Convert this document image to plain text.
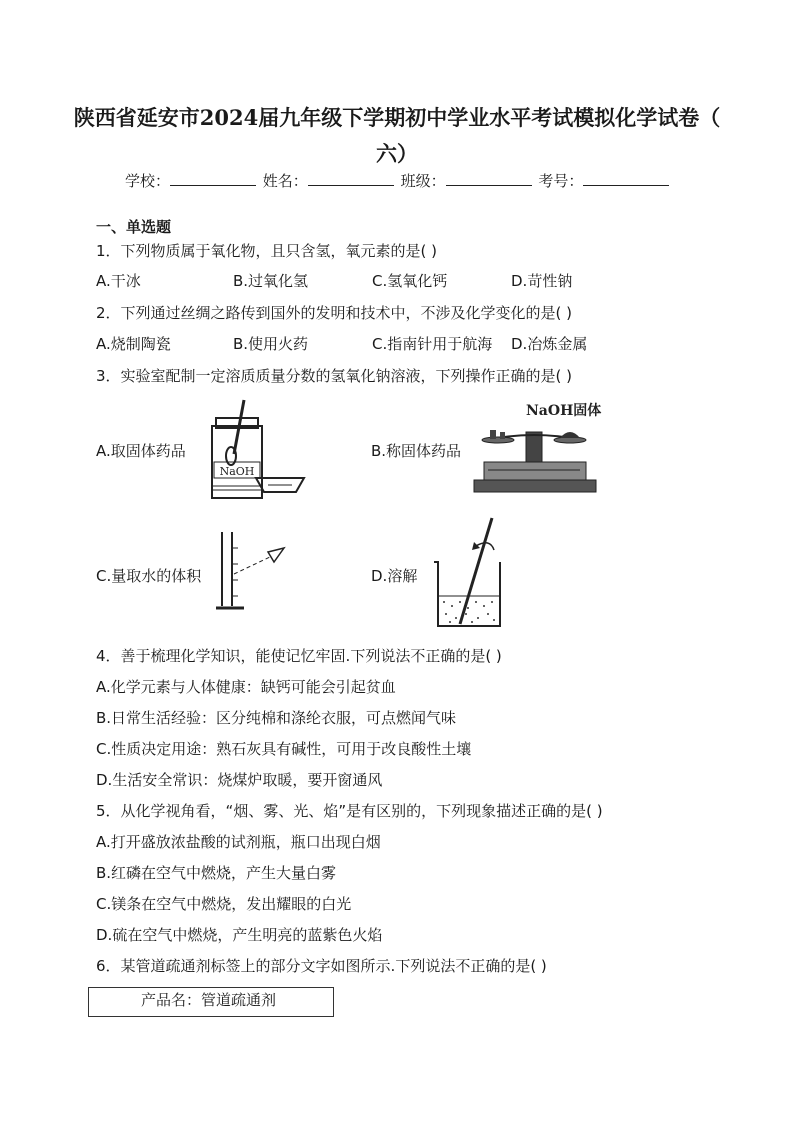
陕西省延安市2024届九年级下学期初中学业水平考试模拟化学试卷（
六）
学校：	姓名：	班级：	考号：
一、单选题
1．下列物质属于氧化物，且只含氢，氧元素的是( )
A.干冰	B.过氧化氢	C.氢氧化钙	D.苛性钠
2．下列通过丝绸之路传到国外的发明和技术中，不涉及化学变化的是( )
A.烧制陶瓷	B.使用火药	C.指南针用于航海 D.冶炼金属
3．实验室配制一定溶质质量分数的氢氧化钠溶液，下列操作正确的是( )
A.取固体药品
NaOH
B.称固体药品
NaOH固体
C.量取水的体积	D.溶解
4．善于梳理化学知识，能使记忆牢固.下列说法不正确的是( )
A.化学元素与人体健康：缺钙可能会引起贫血
B.日常生活经验：区分纯棉和涤纶衣服，可点燃闻气味
C.性质决定用途：熟石灰具有碱性，可用于改良酸性土壤
D.生活安全常识：烧煤炉取暖，要开窗通风
5．从化学视角看，“烟、雾、光、焰”是有区别的，下列现象描述正确的是( )
A.打开盛放浓盐酸的试剂瓶，瓶口出现白烟
B.红磷在空气中燃烧，产生大量白雾
C.镁条在空气中燃烧，发出耀眼的白光
D.硫在空气中燃烧，产生明亮的蓝紫色火焰
6．某管道疏通剂标签上的部分文字如图所示.下列说法不正确的是( )
产品名：管道疏通剂
